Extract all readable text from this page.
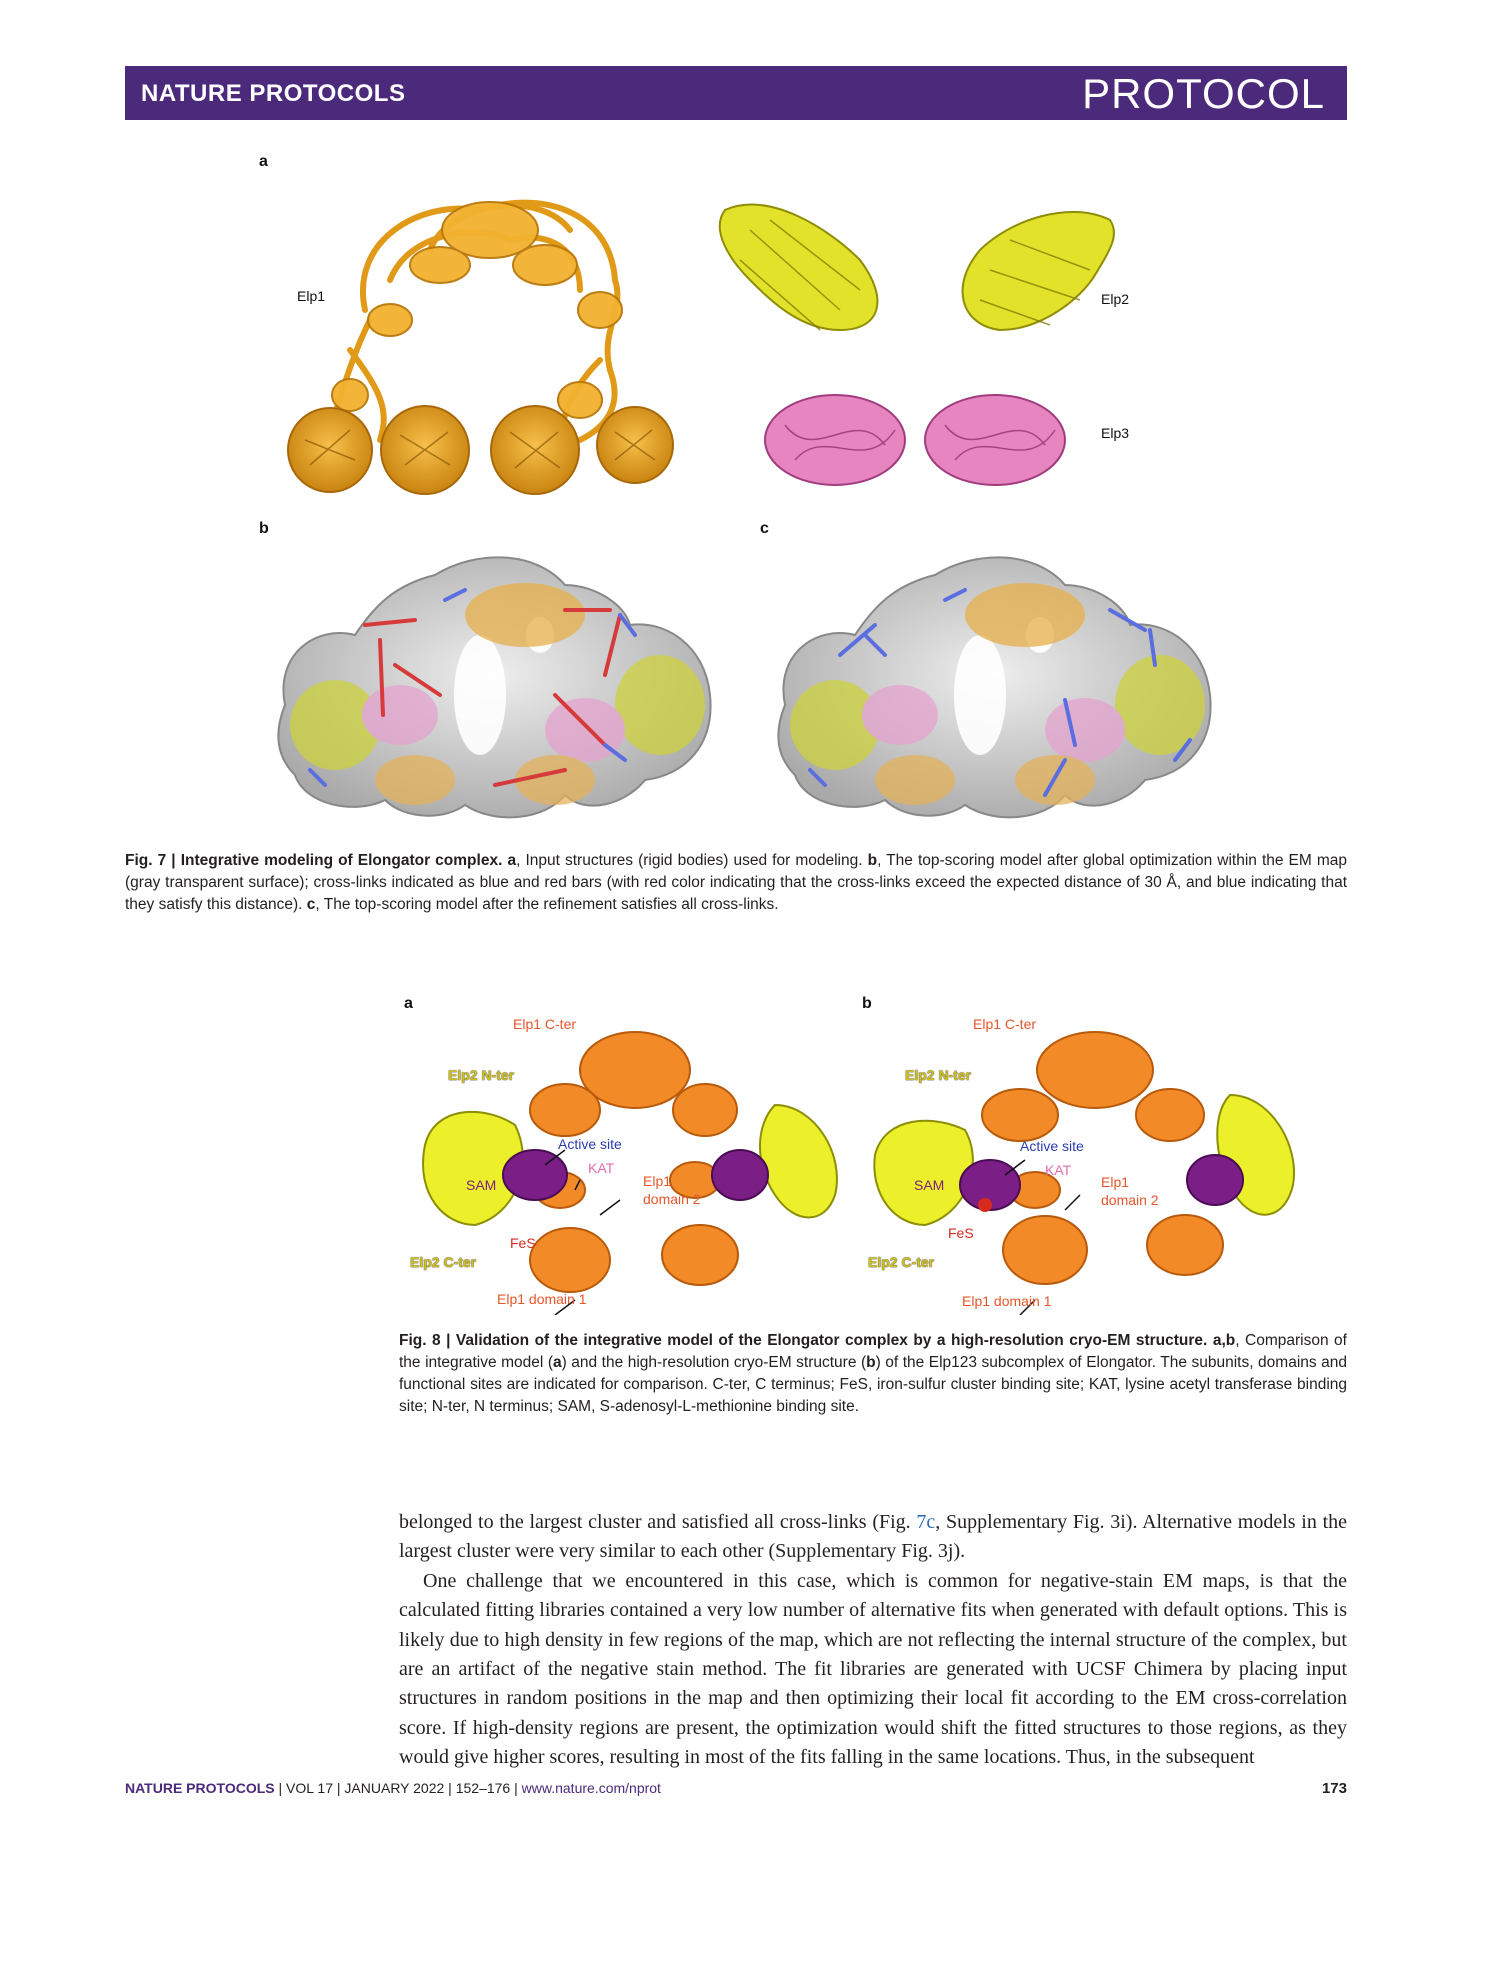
NATURE PROTOCOLS	PROTOCOL
a
Elp1	Elp2
Elp3
b	c
Fig. 7 | Integrative modeling of Elongator complex. a, Input structures (rigid bodies) used for modeling. b, The top-scoring model after global optimization within the EM map (gray transparent surface); cross-links indicated as blue and red bars (with red color indicating that the cross-links exceed the expected distance of 30 Å, and blue indicating that they satisfy this distance). c, The top-scoring model after the refinement satisfies all cross-links.
a	b
Elp1 C-ter
Elp2 N-ter
Active site
KAT
SAM	Elp1
domain 2
FeS
Elp2 C-ter
Elp1 domain 1
Elp1 C-ter
Elp2 N-ter
Active site
KAT
SAM	Elp1
domain 2
FeS
Elp2 C-ter
Elp1 domain 1
Fig. 8 | Validation of the integrative model of the Elongator complex by a high-resolution cryo-EM structure. a,b, Comparison of the integrative model (a) and the high-resolution cryo-EM structure (b) of the Elp123 subcomplex of Elongator. The subunits, domains and functional sites are indicated for comparison. C-ter, C terminus; FeS, iron-sulfur cluster binding site; KAT, lysine acetyl transferase binding site; N-ter, N terminus; SAM, S-adenosyl-L-methionine binding site.

belonged to the largest cluster and satisfied all cross-links (Fig. 7c, Supplementary Fig. 3i). Alternative models in the largest cluster were very similar to each other (Supplementary Fig. 3j).

One challenge that we encountered in this case, which is common for negative-stain EM maps, is that the calculated fitting libraries contained a very low number of alternative fits when generated with default options. This is likely due to high density in few regions of the map, which are not reflecting the internal structure of the complex, but are an artifact of the negative stain method. The fit libraries are generated with UCSF Chimera by placing input structures in random positions in the map and then optimizing their local fit according to the EM cross-correlation score. If high-density regions are present, the optimization would shift the fitted structures to those regions, as they would give higher scores, resulting in most of the fits falling in the same locations. Thus, in the subsequent

NATURE PROTOCOLS | VOL 17 | JANUARY 2022 | 152–176 | www.nature.com/nprot	173
